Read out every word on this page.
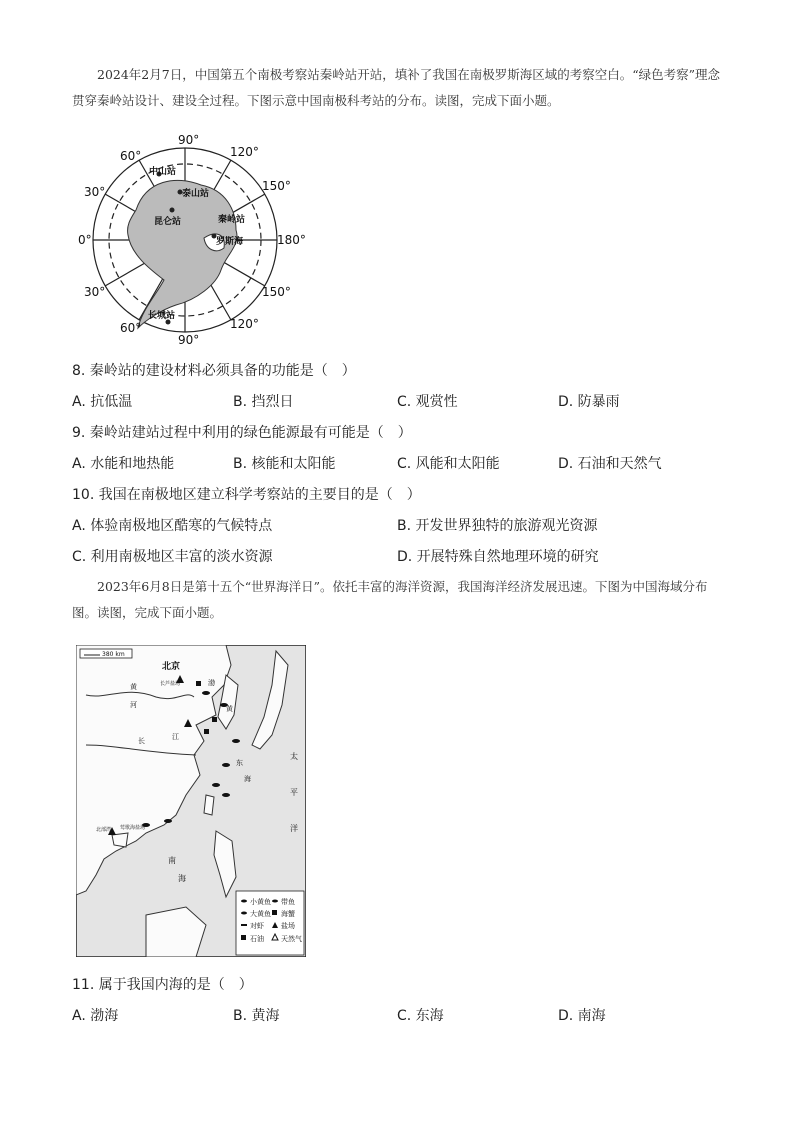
2024年2月7日，中国第五个南极考察站秦岭站开站，填补了我国在南极罗斯海区域的考察空白。“绿色考察”理念贯穿秦岭站设计、建设全过程。下图示意中国南极科考站的分布。读图，完成下面小题。
90°
120°
150°
180°
150°
120°
90°
60°
30°
0°
30°
60°
中山站
泰山站
昆仑站	秦岭站
罗斯海
长城站
8. 秦岭站的建设材料必须具备的功能是（　）
A. 抗低温	B. 挡烈日	C. 观赏性	D. 防暴雨
9. 秦岭站建站过程中利用的绿色能源最有可能是（　）
A. 水能和地热能	B. 核能和太阳能	C. 风能和太阳能	D. 石油和天然气
10. 我国在南极地区建立科学考察站的主要目的是（　）
A. 体验南极地区酷寒的气候特点	B. 开发世界独特的旅游观光资源
C. 利用南极地区丰富的淡水资源	D. 开展特殊自然地理环境的研究
2023年6月8日是第十五个“世界海洋日”。依托丰富的海洋资源，我国海洋经济发展迅速。下图为中国海域分布图。读图，完成下面小题。
380 km
北京
长芦盐场
黄
河
长	江
渤
黄
东
海
太
平
洋
南
海
莺歌海盐场
北部湾
小黄鱼
大黄鱼
对虾
石油
带鱼
海蟹
盐场
天然气
11. 属于我国内海的是（　）
A. 渤海	B. 黄海	C. 东海	D. 南海
